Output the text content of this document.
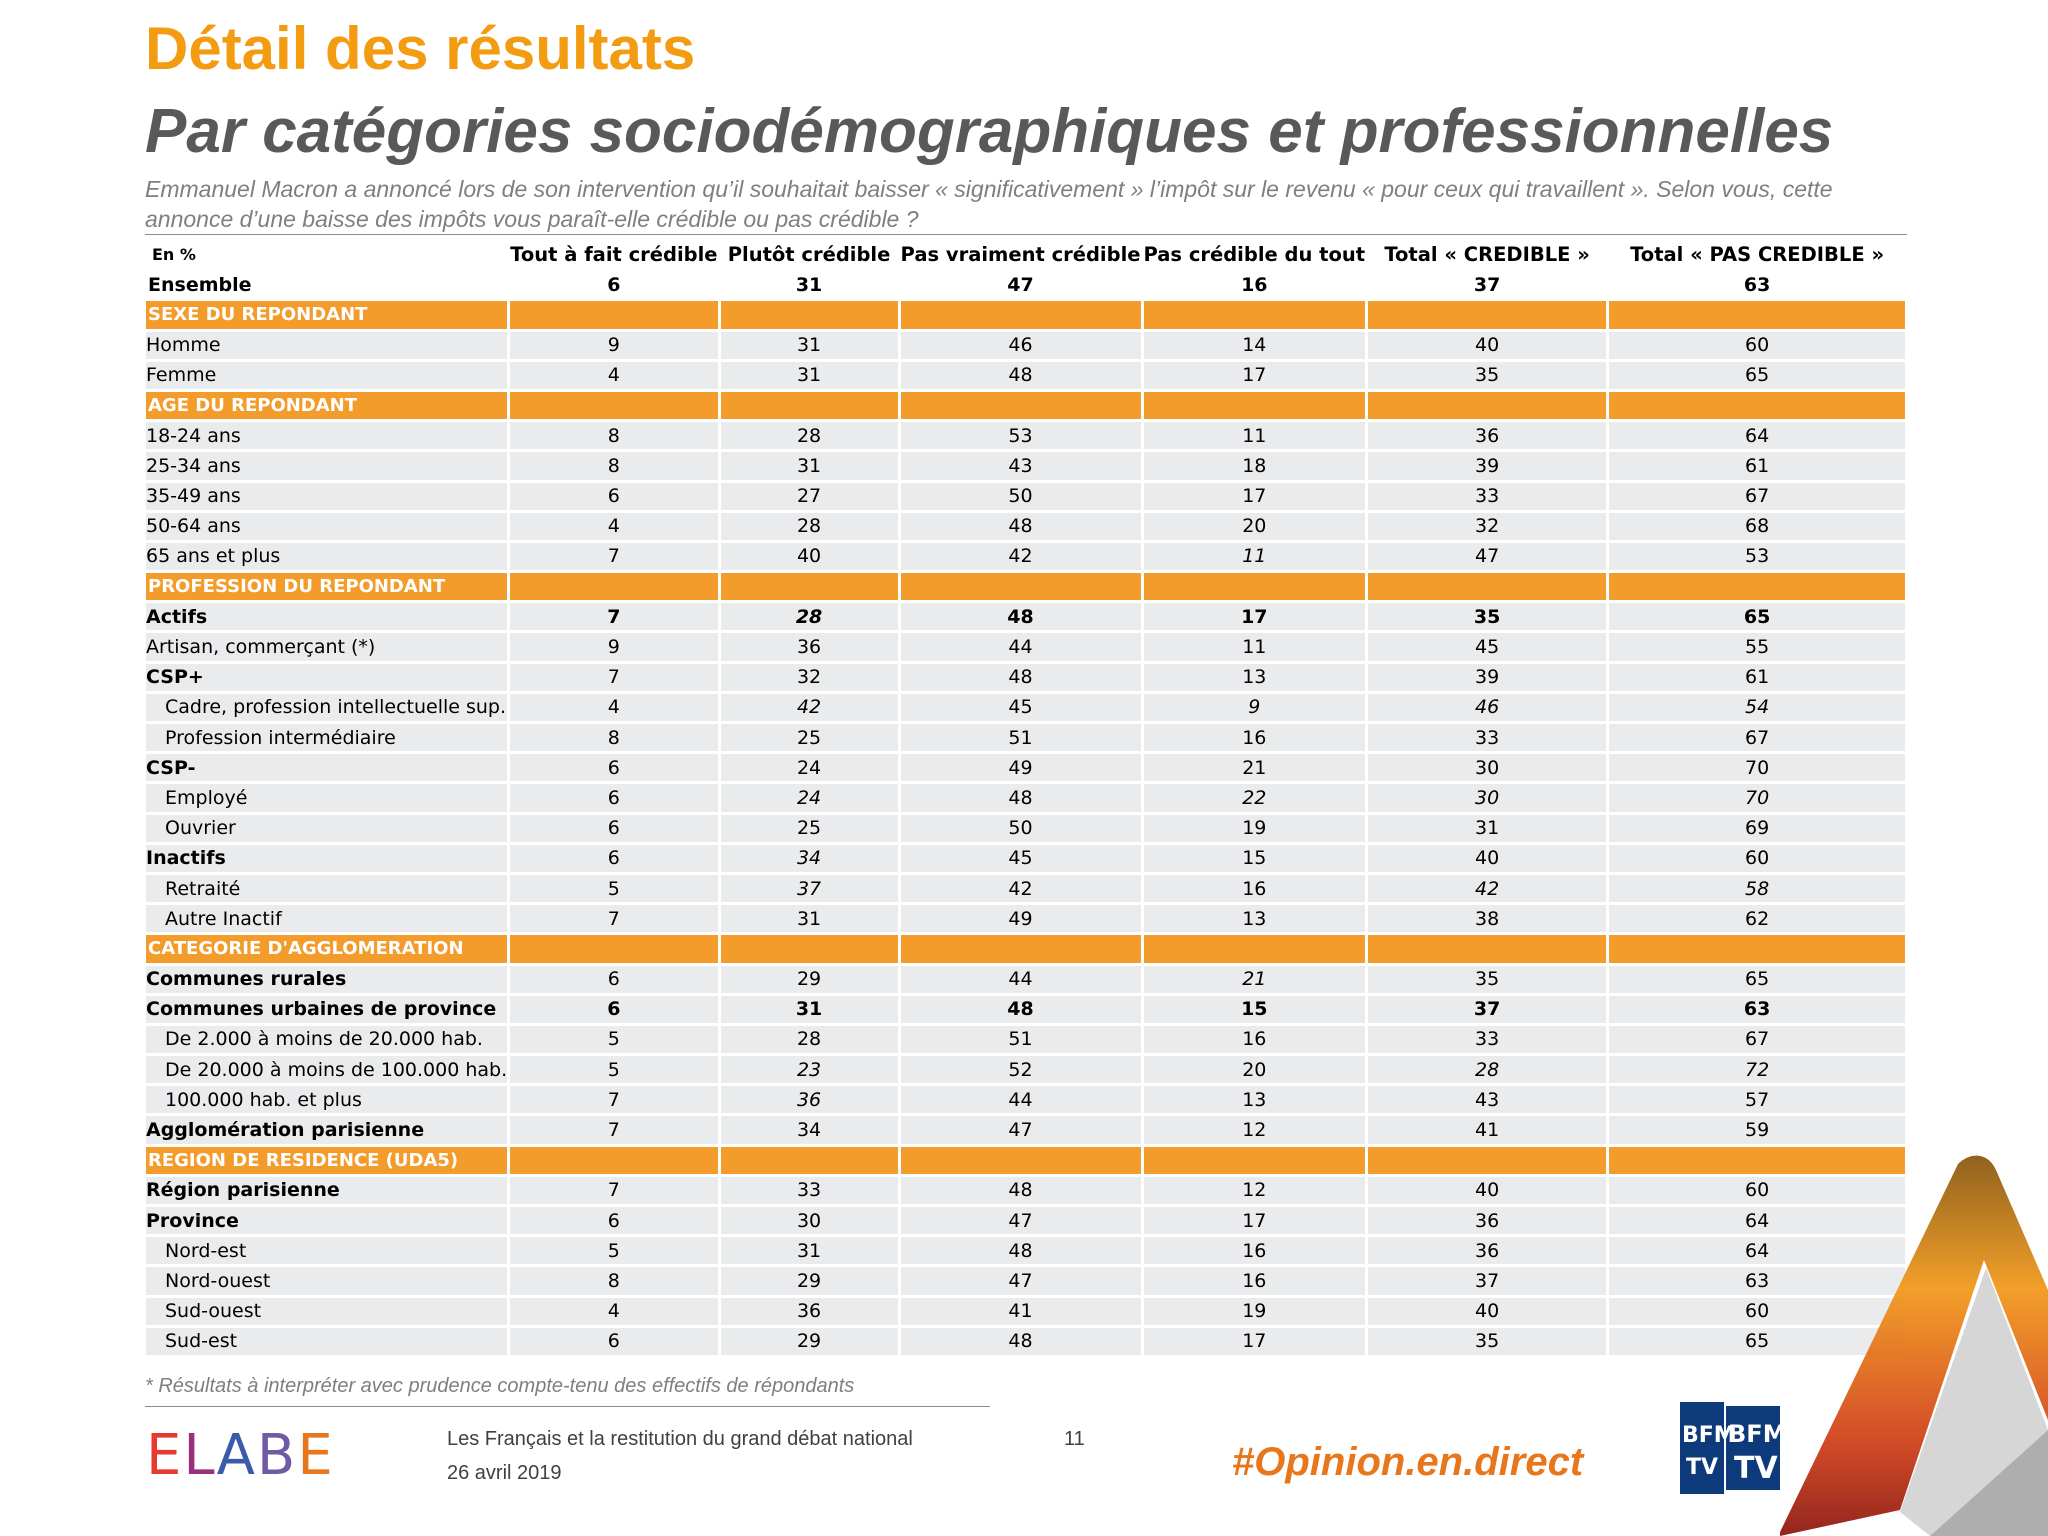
Détail des résultats
Par catégories sociodémographiques et professionnelles
Emmanuel Macron a annoncé lors de son intervention qu’il souhaitait baisser « significativement » l’impôt sur le revenu « pour ceux qui travaillent ». Selon vous, cette annonce d’une baisse des impôts vous paraît-elle crédible ou pas crédible ?
En %	Tout à fait crédible	Plutôt crédible	Pas vraiment crédible	Pas crédible du tout	Total « CREDIBLE »	Total « PAS CREDIBLE »
Ensemble	6	31	47	16	37	63
SEXE DU REPONDANT						
Homme	9	31	46	14	40	60
Femme	4	31	48	17	35	65
AGE DU REPONDANT						
18-24 ans	8	28	53	11	36	64
25-34 ans	8	31	43	18	39	61
35-49 ans	6	27	50	17	33	67
50-64 ans	4	28	48	20	32	68
65 ans et plus	7	40	42	11	47	53
PROFESSION DU REPONDANT						
Actifs	7	28	48	17	35	65
Artisan, commerçant (*)	9	36	44	11	45	55
CSP+	7	32	48	13	39	61
Cadre, profession intellectuelle sup.	4	42	45	9	46	54
Profession intermédiaire	8	25	51	16	33	67
CSP-	6	24	49	21	30	70
Employé	6	24	48	22	30	70
Ouvrier	6	25	50	19	31	69
Inactifs	6	34	45	15	40	60
Retraité	5	37	42	16	42	58
Autre Inactif	7	31	49	13	38	62
CATEGORIE D'AGGLOMERATION						
Communes rurales	6	29	44	21	35	65
Communes urbaines de province	6	31	48	15	37	63
De 2.000 à moins de 20.000 hab.	5	28	51	16	33	67
De 20.000 à moins de 100.000 hab.	5	23	52	20	28	72
100.000 hab. et plus	7	36	44	13	43	57
Agglomération parisienne	7	34	47	12	41	59
REGION DE RESIDENCE (UDA5)						
Région parisienne	7	33	48	12	40	60
Province	6	30	47	17	36	64
Nord-est	5	31	48	16	36	64
Nord-ouest	8	29	47	16	37	63
Sud-ouest	4	36	41	19	40	60
Sud-est	6	29	48	17	35	65
* Résultats à interpréter avec prudence compte-tenu des effectifs de répondants
ELABE	Les Français et la restitution du grand débat national
26 avril 2019
11
#Opinion.en.direct
BFM
TV
BFM
TV
